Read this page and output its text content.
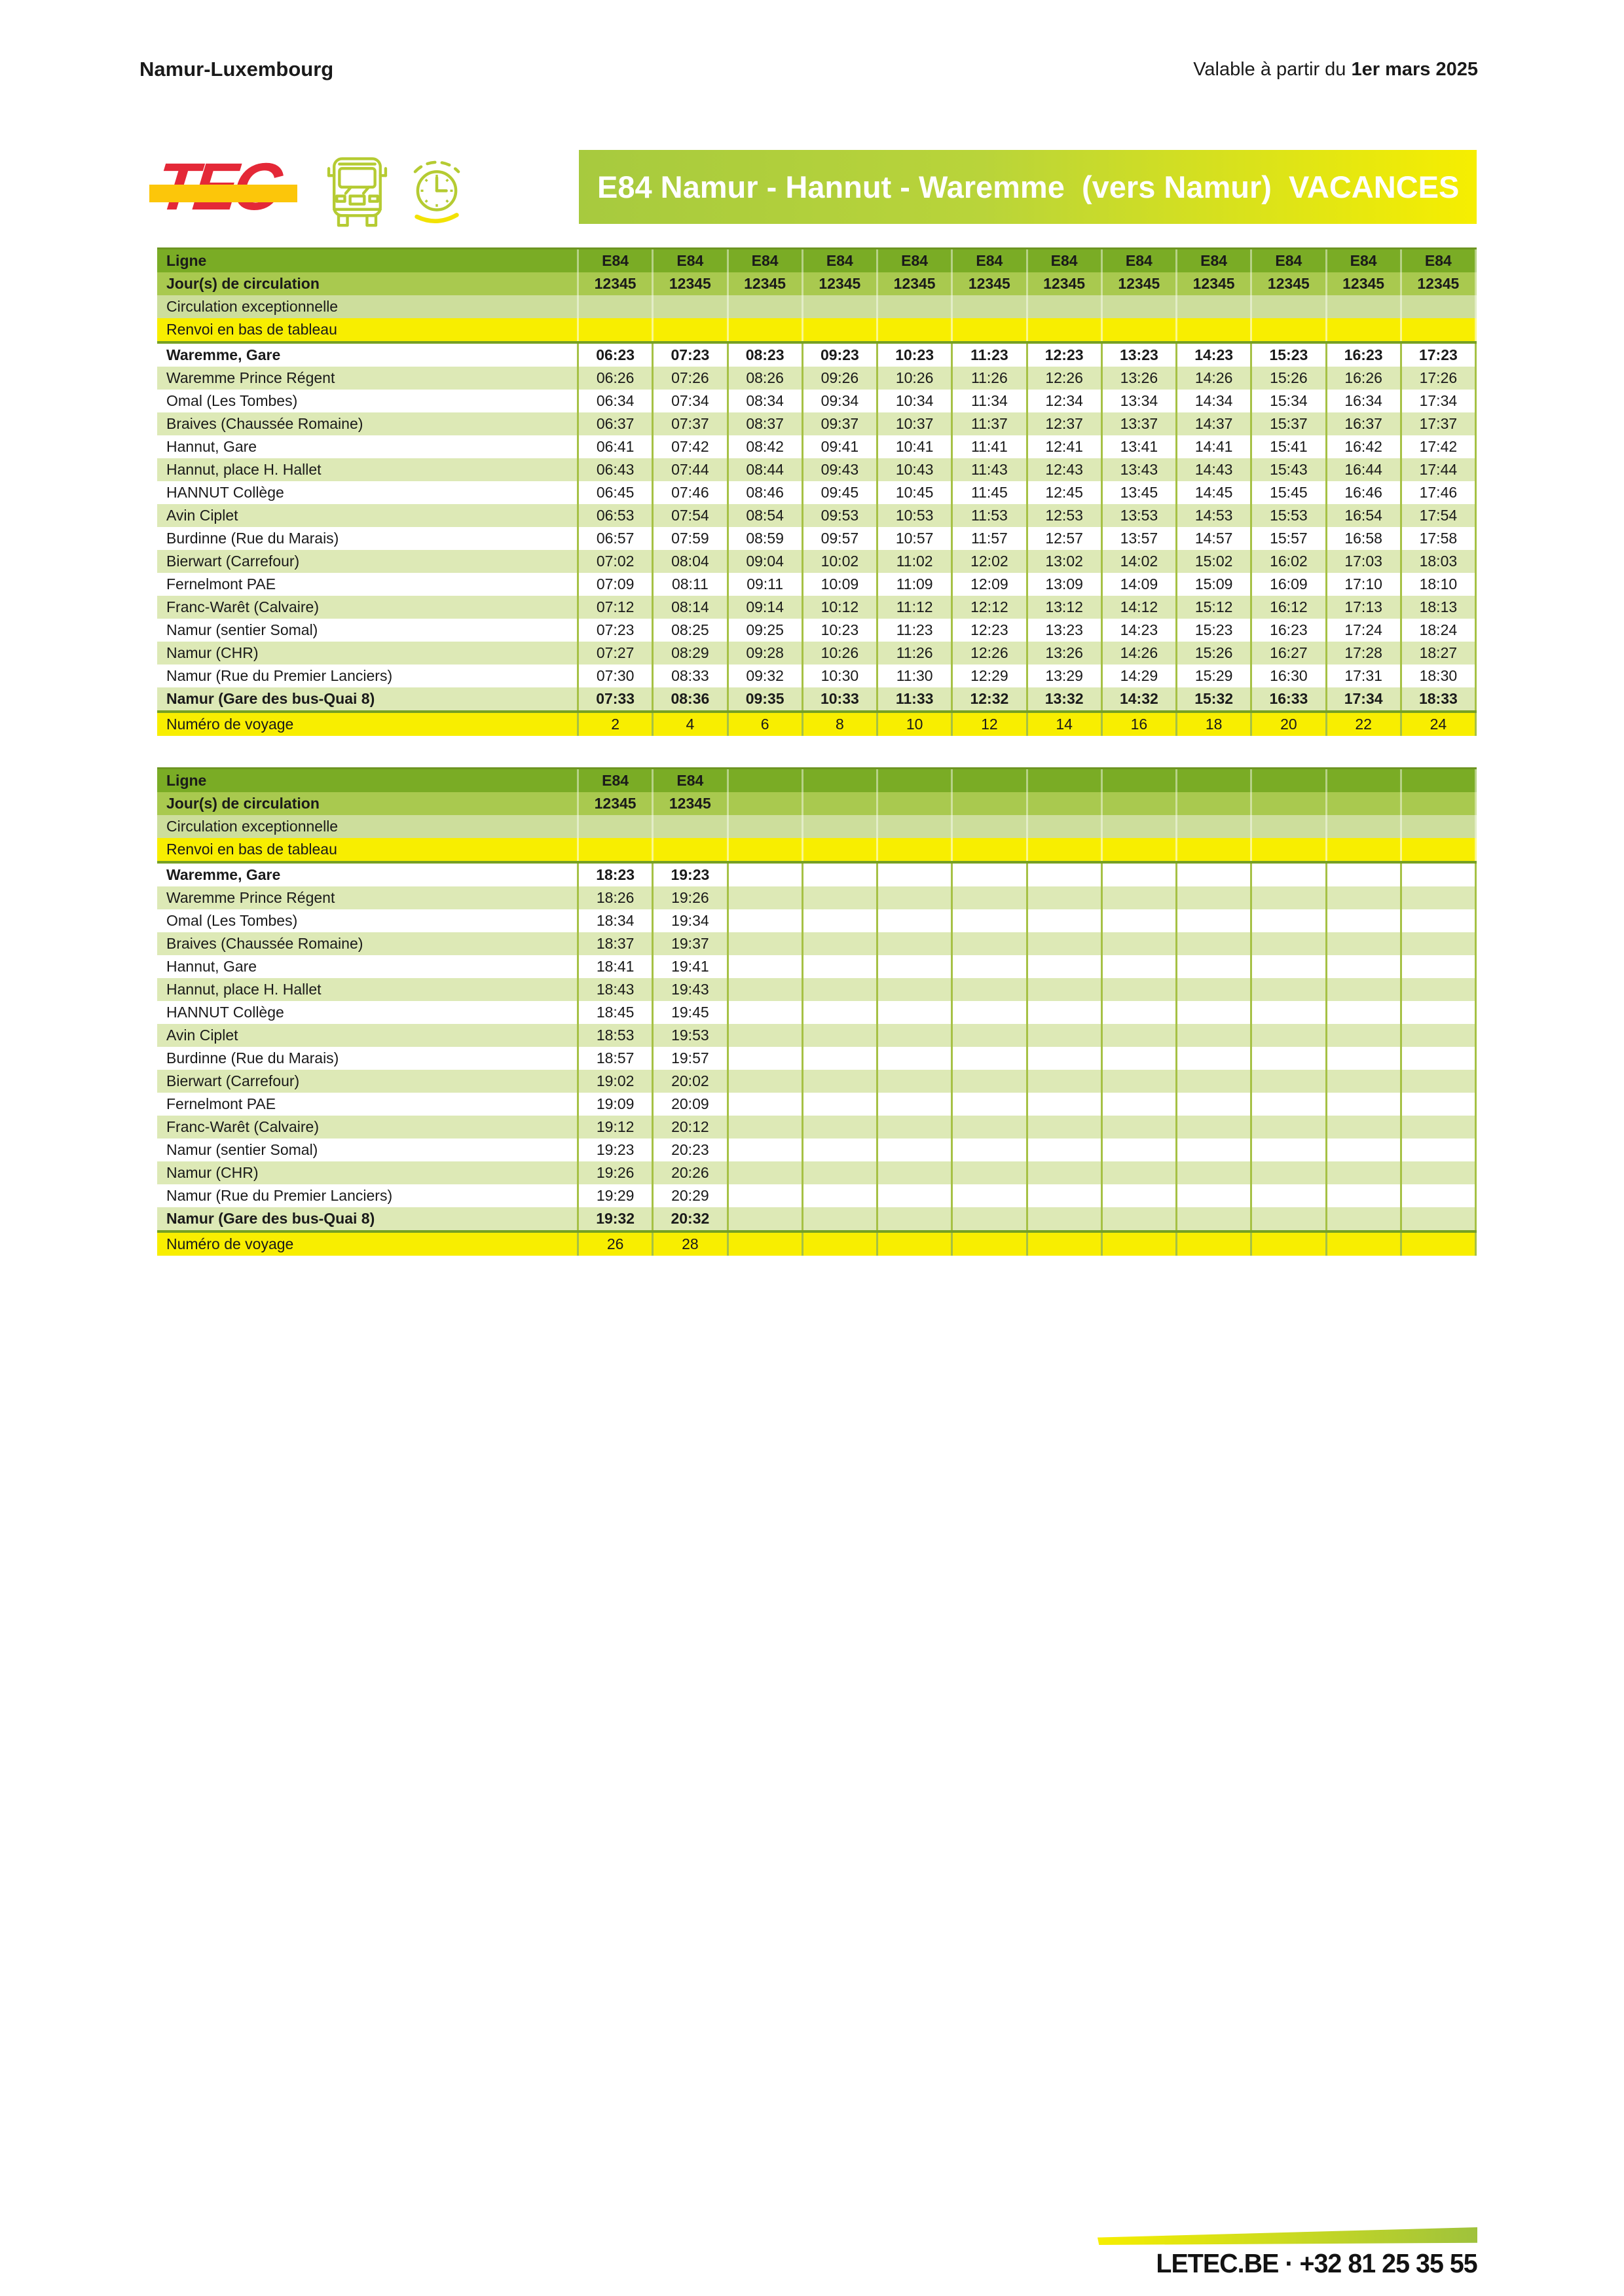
Namur-Luxembourg	Valable à partir du 1er mars 2025
E84 Namur - Hannut - Waremme  (vers Namur)  VACANCES
Ligne	E84	E84	E84	E84	E84	E84	E84	E84	E84	E84	E84	E84
Jour(s) de circulation	12345	12345	12345	12345	12345	12345	12345	12345	12345	12345	12345	12345
Circulation exceptionnelle
Renvoi en bas de tableau
Waremme, Gare	06:23	07:23	08:23	09:23	10:23	11:23	12:23	13:23	14:23	15:23	16:23	17:23
Waremme Prince Régent	06:26	07:26	08:26	09:26	10:26	11:26	12:26	13:26	14:26	15:26	16:26	17:26
Omal (Les Tombes)	06:34	07:34	08:34	09:34	10:34	11:34	12:34	13:34	14:34	15:34	16:34	17:34
Braives (Chaussée Romaine)	06:37	07:37	08:37	09:37	10:37	11:37	12:37	13:37	14:37	15:37	16:37	17:37
Hannut, Gare	06:41	07:42	08:42	09:41	10:41	11:41	12:41	13:41	14:41	15:41	16:42	17:42
Hannut, place H. Hallet	06:43	07:44	08:44	09:43	10:43	11:43	12:43	13:43	14:43	15:43	16:44	17:44
HANNUT Collège	06:45	07:46	08:46	09:45	10:45	11:45	12:45	13:45	14:45	15:45	16:46	17:46
Avin Ciplet	06:53	07:54	08:54	09:53	10:53	11:53	12:53	13:53	14:53	15:53	16:54	17:54
Burdinne (Rue du Marais)	06:57	07:59	08:59	09:57	10:57	11:57	12:57	13:57	14:57	15:57	16:58	17:58
Bierwart (Carrefour)	07:02	08:04	09:04	10:02	11:02	12:02	13:02	14:02	15:02	16:02	17:03	18:03
Fernelmont PAE	07:09	08:11	09:11	10:09	11:09	12:09	13:09	14:09	15:09	16:09	17:10	18:10
Franc-Warêt (Calvaire)	07:12	08:14	09:14	10:12	11:12	12:12	13:12	14:12	15:12	16:12	17:13	18:13
Namur (sentier Somal)	07:23	08:25	09:25	10:23	11:23	12:23	13:23	14:23	15:23	16:23	17:24	18:24
Namur (CHR)	07:27	08:29	09:28	10:26	11:26	12:26	13:26	14:26	15:26	16:27	17:28	18:27
Namur (Rue du Premier Lanciers)	07:30	08:33	09:32	10:30	11:30	12:29	13:29	14:29	15:29	16:30	17:31	18:30
Namur (Gare des bus-Quai 8)	07:33	08:36	09:35	10:33	11:33	12:32	13:32	14:32	15:32	16:33	17:34	18:33
Numéro de voyage	2	4	6	8	10	12	14	16	18	20	22	24
Ligne	E84	E84
Jour(s) de circulation	12345	12345
Circulation exceptionnelle
Renvoi en bas de tableau
Waremme, Gare	18:23	19:23
Waremme Prince Régent	18:26	19:26
Omal (Les Tombes)	18:34	19:34
Braives (Chaussée Romaine)	18:37	19:37
Hannut, Gare	18:41	19:41
Hannut, place H. Hallet	18:43	19:43
HANNUT Collège	18:45	19:45
Avin Ciplet	18:53	19:53
Burdinne (Rue du Marais)	18:57	19:57
Bierwart (Carrefour)	19:02	20:02
Fernelmont PAE	19:09	20:09
Franc-Warêt (Calvaire)	19:12	20:12
Namur (sentier Somal)	19:23	20:23
Namur (CHR)	19:26	20:26
Namur (Rue du Premier Lanciers)	19:29	20:29
Namur (Gare des bus-Quai 8)	19:32	20:32
Numéro de voyage	26	28
LETEC.BE · +32 81 25 35 55
